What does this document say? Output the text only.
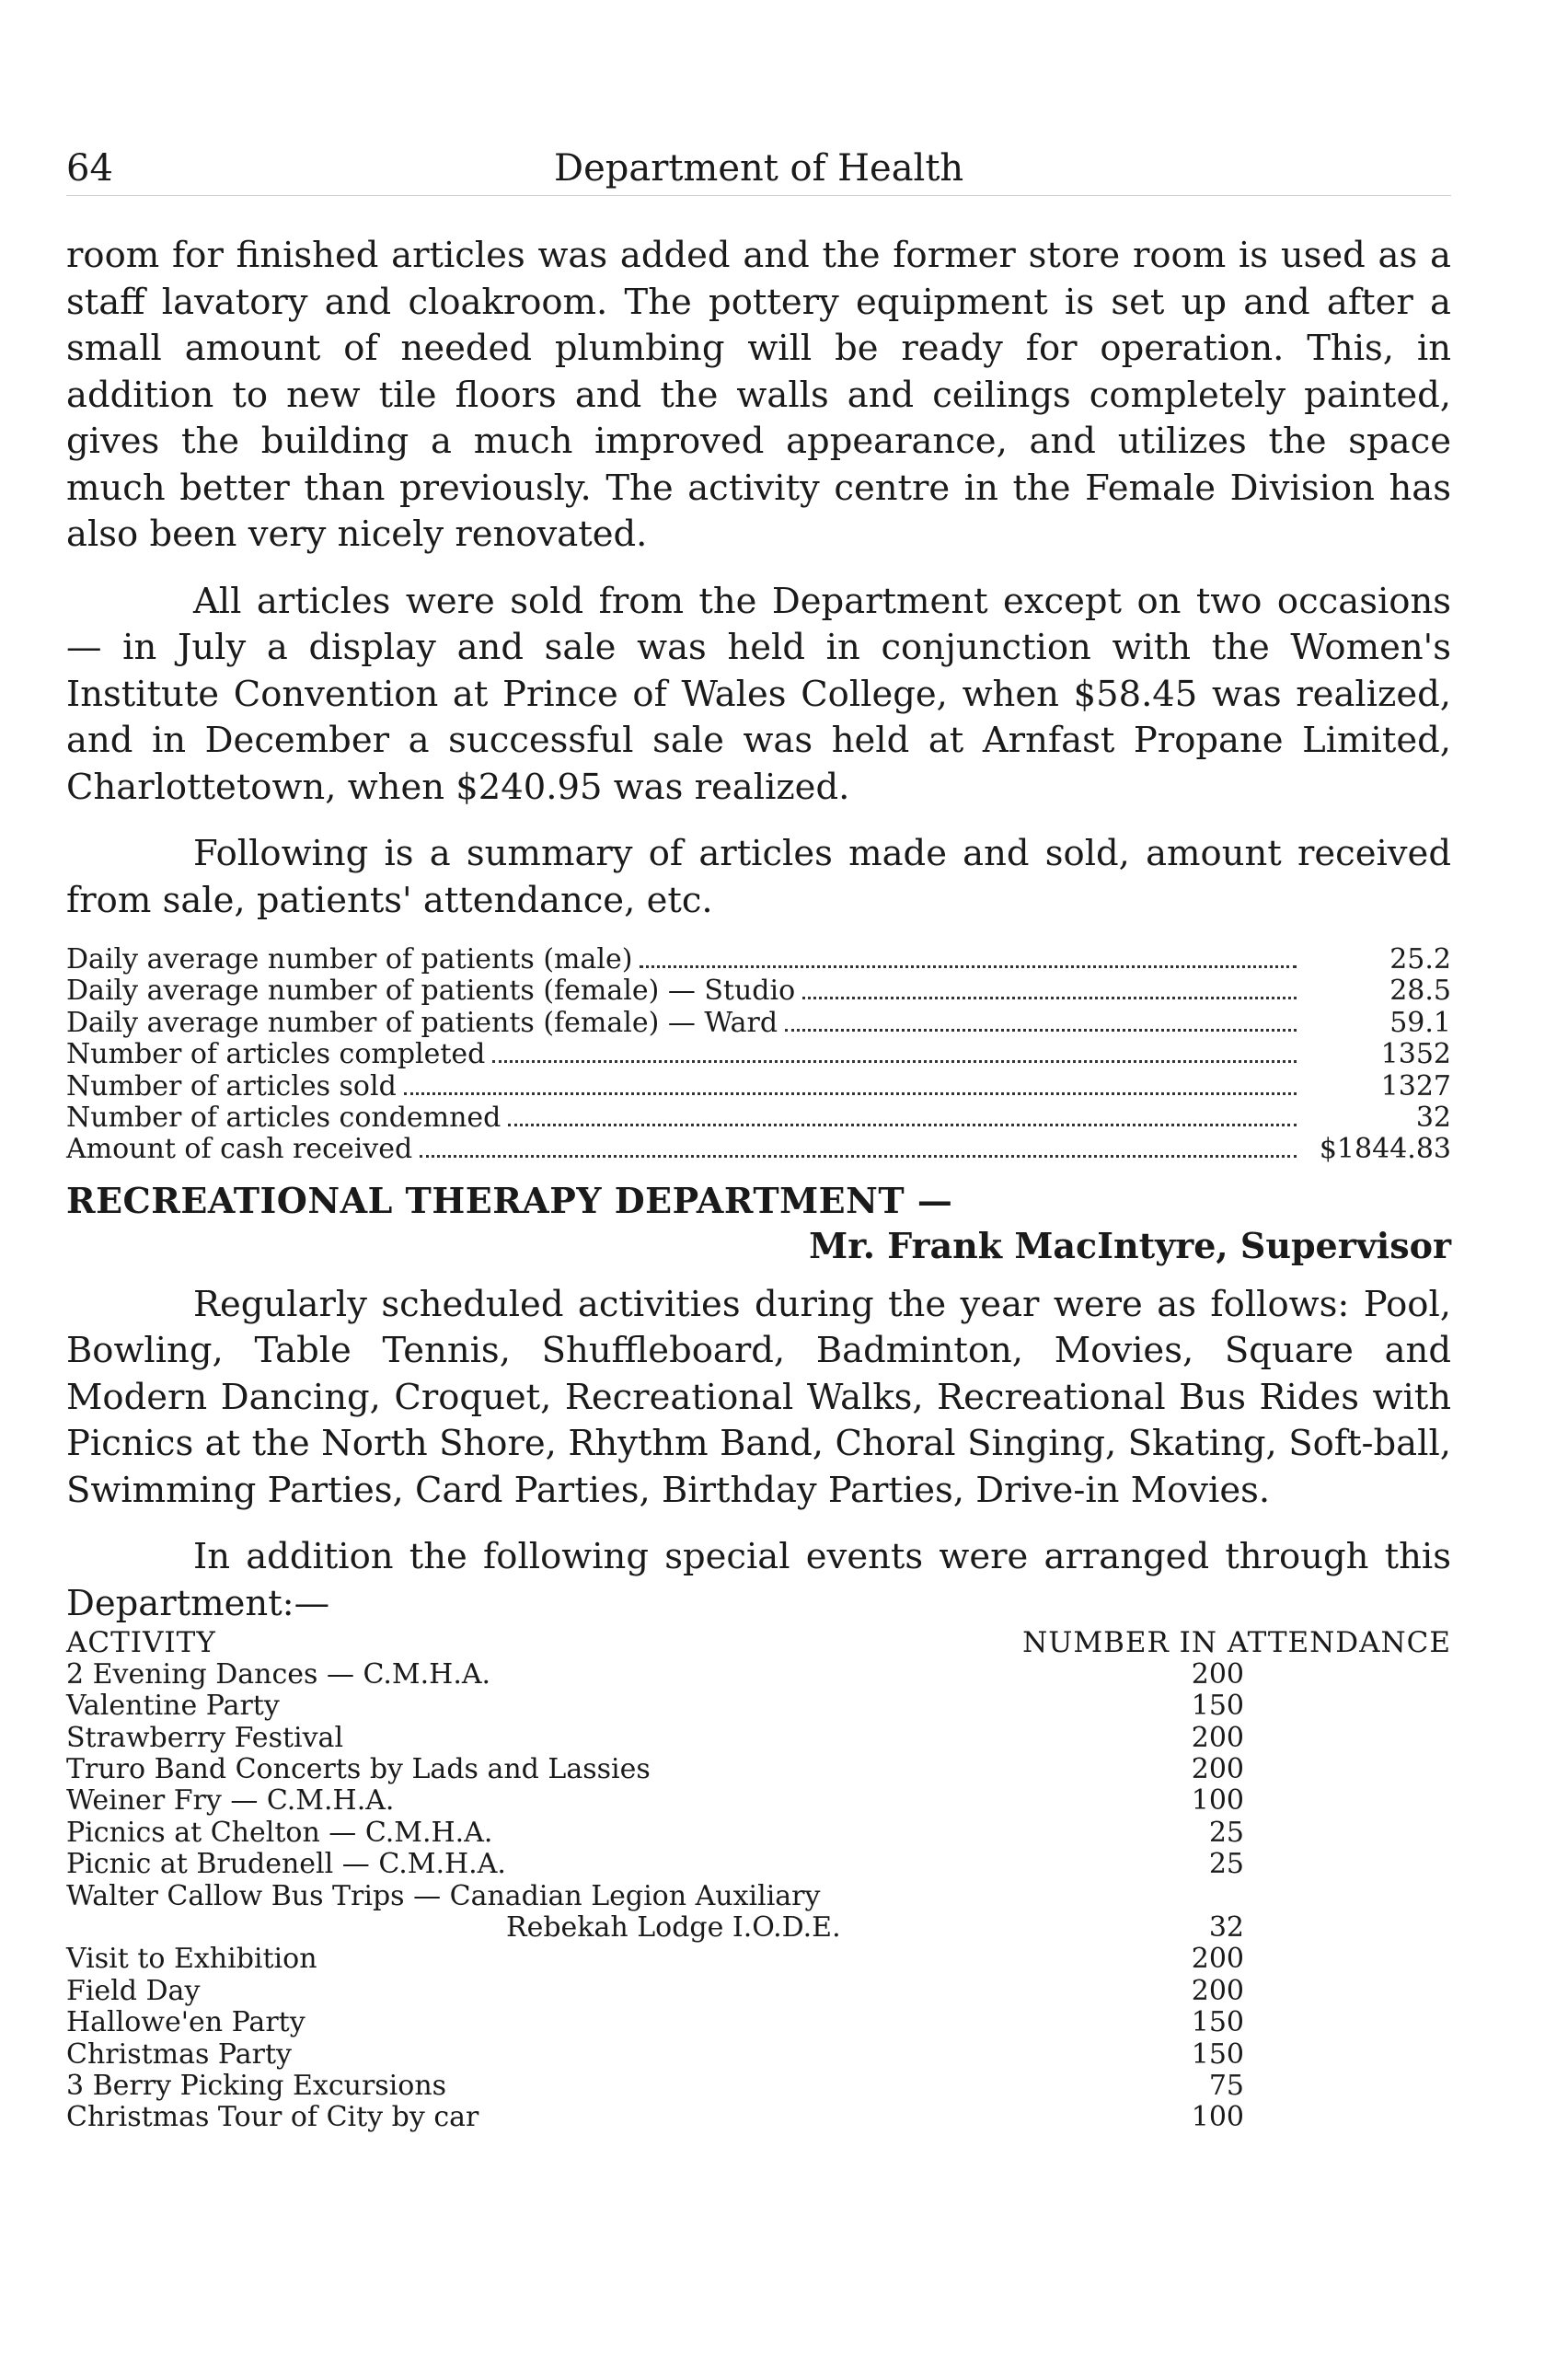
64	Department of Health

room for finished articles was added and the former store room is used as a staff lavatory and cloakroom. The pottery equipment is set up and after a small amount of needed plumbing will be ready for operation. This, in addition to new tile floors and the walls and ceilings completely painted, gives the building a much improved appearance, and utilizes the space much better than previously. The activity centre in the Female Division has also been very nicely renovated.

All articles were sold from the Department except on two occasions — in July a display and sale was held in conjunction with the Women's Institute Convention at Prince of Wales College, when $58.45 was realized, and in December a successful sale was held at Arnfast Propane Limited, Charlottetown, when $240.95 was realized.

Following is a summary of articles made and sold, amount received from sale, patients' attendance, etc.

Daily average number of patients (male)	25.2

Daily average number of patients (female) — Studio	28.5

Daily average number of patients (female) — Ward	59.1

Number of articles completed	1352

Number of articles sold	1327

Number of articles condemned	32

Amount of cash received	$1844.83
RECREATIONAL THERAPY DEPARTMENT —
Mr. Frank MacIntyre, Supervisor

Regularly scheduled activities during the year were as follows: Pool, Bowling, Table Tennis, Shuffleboard, Badminton, Movies, Square and Modern Dancing, Croquet, Recreational Walks, Recreational Bus Rides with Picnics at the North Shore, Rhythm Band, Choral Singing, Skating, Soft-ball, Swimming Parties, Card Parties, Birthday Parties, Drive-in Movies.

In addition the following special events were arranged through this Department:—

ACTIVITY	NUMBER IN ATTENDANCE
2 Evening Dances — C.M.H.A.	200
Valentine Party	150
Strawberry Festival	200
Truro Band Concerts by Lads and Lassies	200
Weiner Fry — C.M.H.A.	100
Picnics at Chelton — C.M.H.A.	25
Picnic at Brudenell — C.M.H.A.	25
Walter Callow Bus Trips — Canadian Legion Auxiliary	
Rebekah Lodge I.O.D.E.	32
Visit to Exhibition	200
Field Day	200
Hallowe'en Party	150
Christmas Party	150
3 Berry Picking Excursions	75
Christmas Tour of City by car	100
